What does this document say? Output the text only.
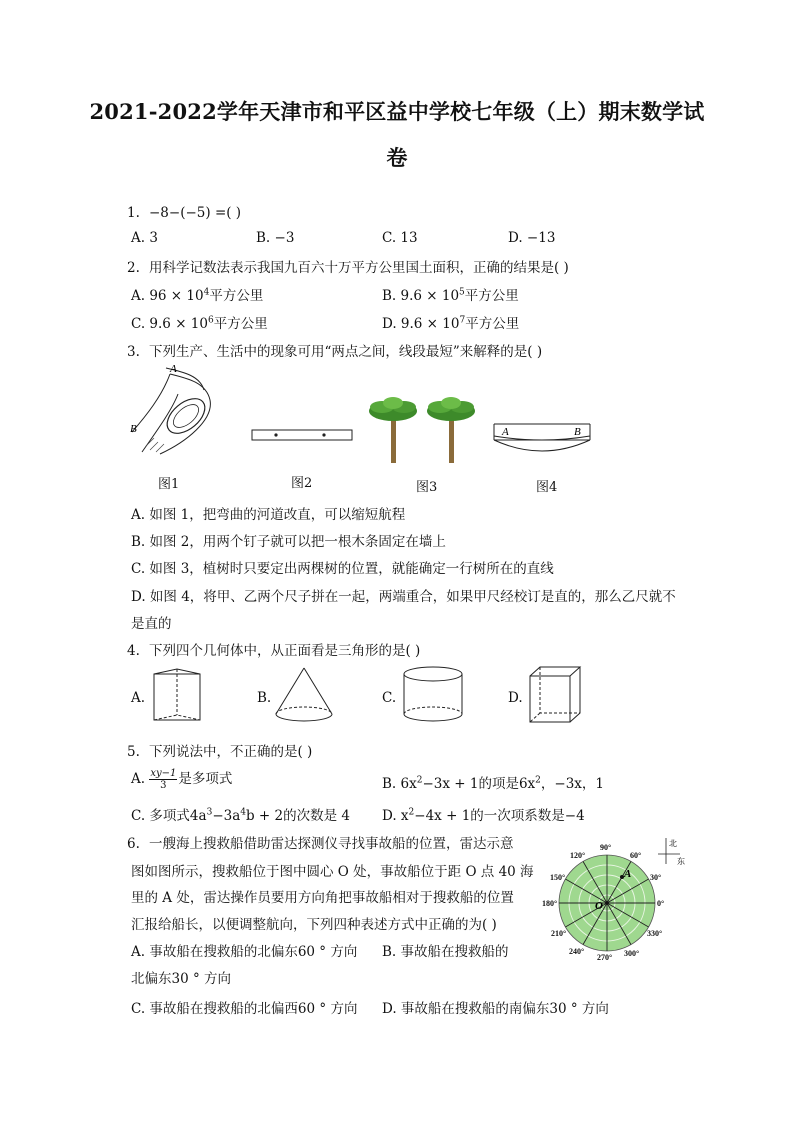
2021-2022学年天津市和平区益中学校七年级（上）期末数学试
卷
1. −8−(−5) =( )
A. 3	B. −3	C. 13	D. −13
2. 用科学记数法表示我国九百六十万平方公里国土面积，正确的结果是( )
A. $96 \times 10^4$平方公里	B. $9.6 \times 10^5$平方公里
C. $9.6 \times 10^6$平方公里	D. $9.6 \times 10^7$平方公里
3. 下列生产、生活中的现象可用“两点之间，线段最短”来解释的是( )
A
B	A	B
图1	图2	图3	图4
A. 如图 1，把弯曲的河道改直，可以缩短航程
B. 如图 2，用两个钉子就可以把一根木条固定在墙上
C. 如图 3，植树时只要定出两棵树的位置，就能确定一行树所在的直线
D. 如图 4，将甲、乙两个尺子拼在一起，两端重合，如果甲尺经校订是直的，那么乙尺就不
是直的
4. 下列四个几何体中，从正面看是三角形的是( )
A.	B.	C.	D.
5. 下列说法中，不正确的是( )
A. $\frac{xy-1}{3}$ 是多项式	B. $6x^2-3x + 1$的项是$6x^2$，−3x，1
C. 多项式$4a^3-3a^4b + 2$的次数是 4 D. $x^2-4x + 1$的一次项系数是−4
6. 一艘海上搜救船借助雷达探测仪寻找事故船的位置，雷达示意
图如图所示，搜救船位于图中圆心 O 处，事故船位于距 O 点 40 海
里的 A 处，雷达操作员要用方向角把事故船相对于搜救船的位置
汇报给船长，以便调整航向，下列四种表述方式中正确的为( )
A. 事故船在搜救船的北偏东60 ° 方向 B. 事故船在搜救船的
北偏东30 ° 方向
C. 事故船在搜救船的北偏西60 ° 方向 D. 事故船在搜救船的南偏东30 ° 方向
90°
60°
30°
0°
330°
300°
270°
240°
210°
180°
150°
120°
A
O
北
东
